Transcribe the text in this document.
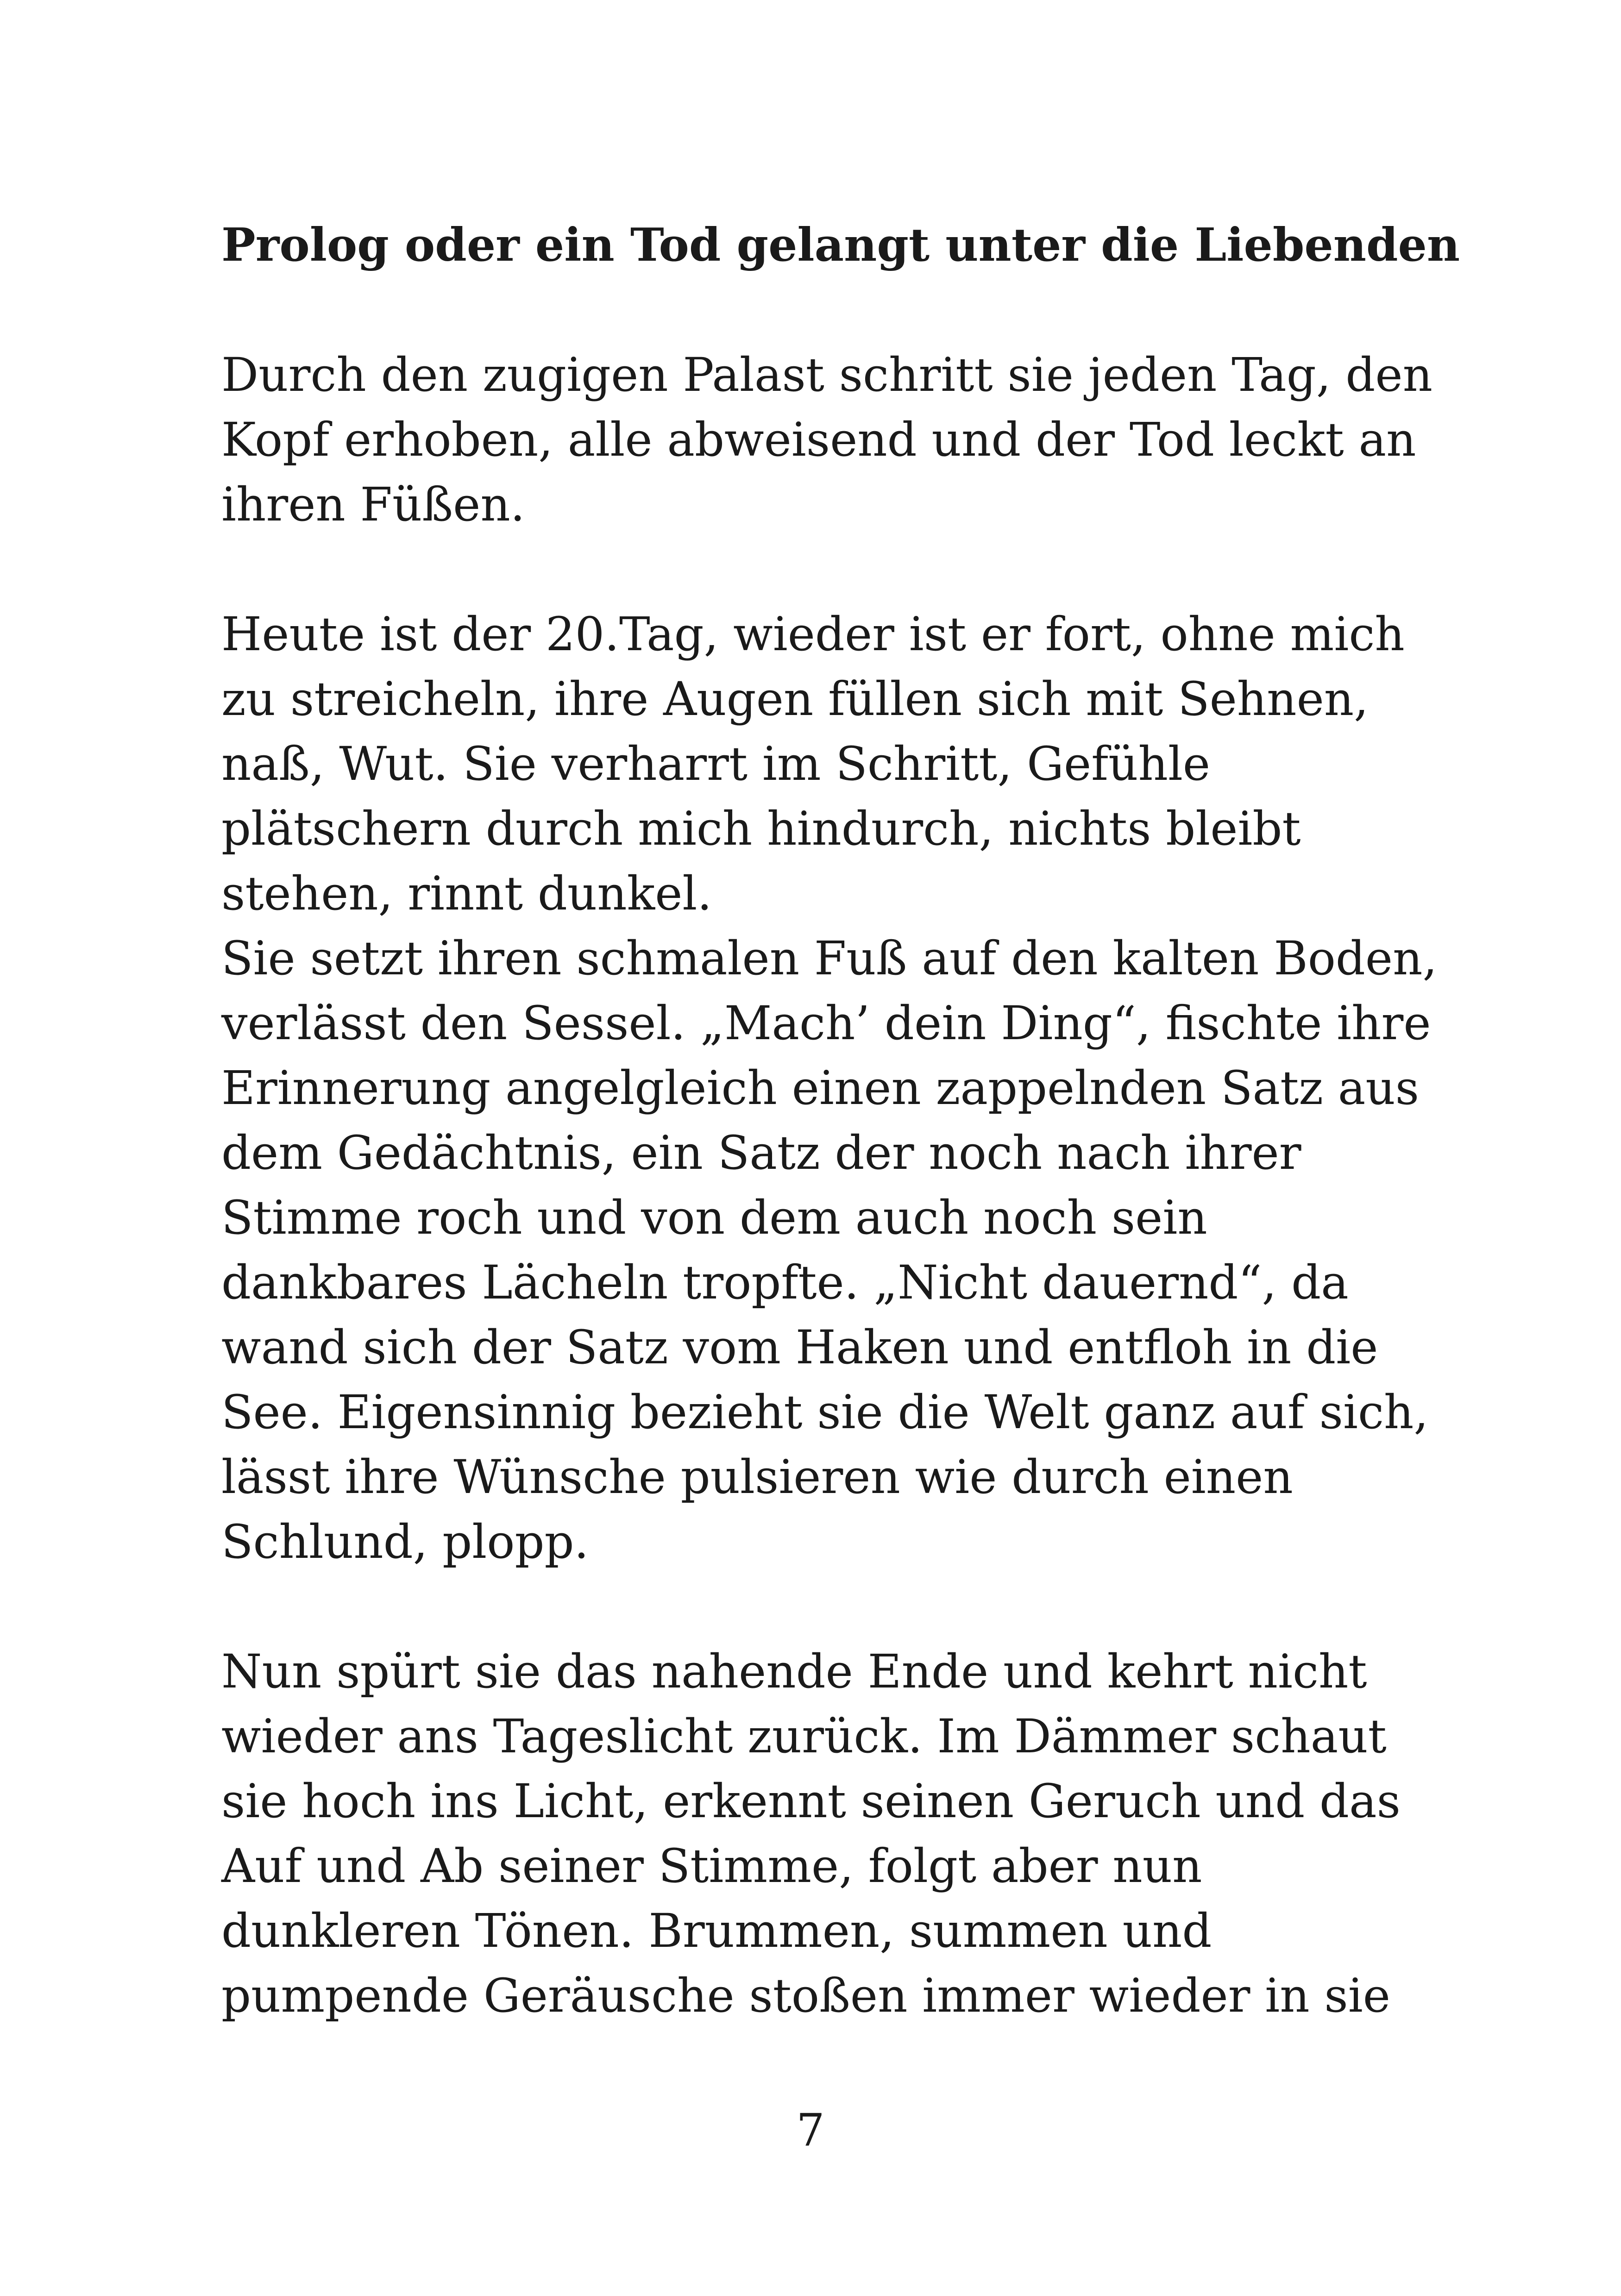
Prolog oder ein Tod gelangt unter die Liebenden
Durch den zugigen Palast schritt sie jeden Tag, den
Kopf erhoben, alle abweisend und der Tod leckt an
ihren Füßen.
Heute ist der 20.Tag, wieder ist er fort, ohne mich
zu streicheln, ihre Augen füllen sich mit Sehnen,
naß, Wut. Sie verharrt im Schritt, Gefühle
plätschern durch mich hindurch, nichts bleibt
stehen, rinnt dunkel.
Sie setzt ihren schmalen Fuß auf den kalten Boden,
verlässt den Sessel. „Mach’ dein Ding“, fischte ihre
Erinnerung angelgleich einen zappelnden Satz aus
dem Gedächtnis, ein Satz der noch nach ihrer
Stimme roch und von dem auch noch sein
dankbares Lächeln tropfte. „Nicht dauernd“, da
wand sich der Satz vom Haken und entfloh in die
See. Eigensinnig bezieht sie die Welt ganz auf sich,
lässt ihre Wünsche pulsieren wie durch einen
Schlund, plopp.
Nun spürt sie das nahende Ende und kehrt nicht
wieder ans Tageslicht zurück. Im Dämmer schaut
sie hoch ins Licht, erkennt seinen Geruch und das
Auf und Ab seiner Stimme, folgt aber nun
dunkleren Tönen. Brummen, summen und
pumpende Geräusche stoßen immer wieder in sie
7
